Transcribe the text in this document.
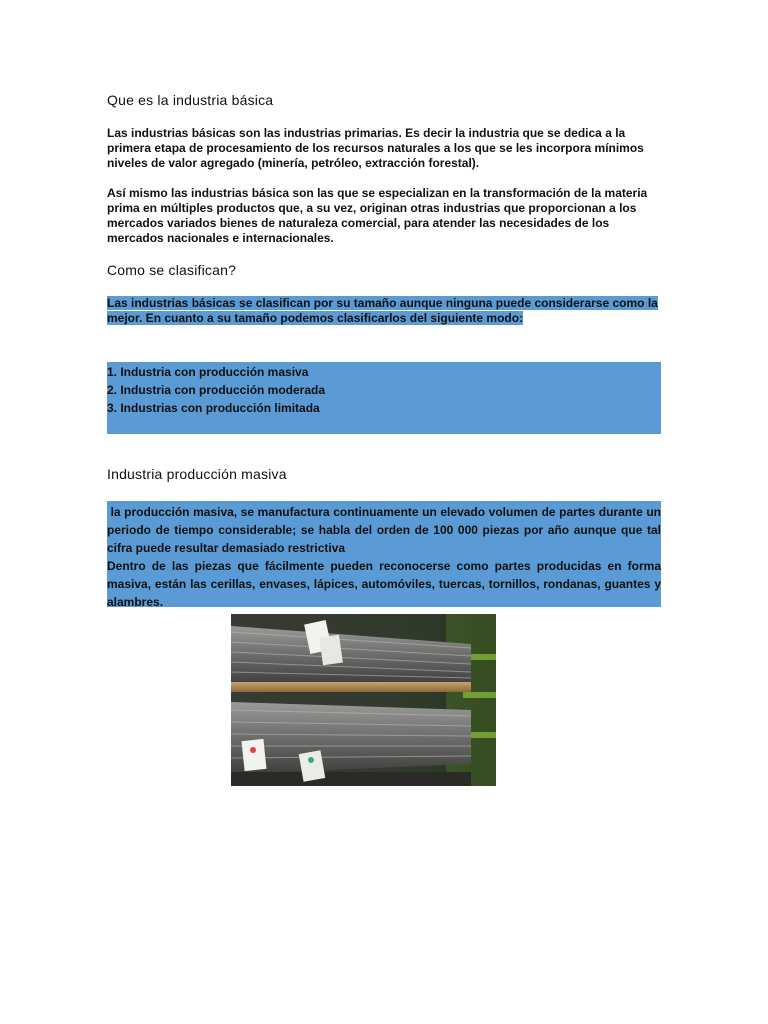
Que es la industria básica

Las industrias básicas son las industrias primarias. Es decir la industria que se dedica a la primera etapa de procesamiento de los recursos naturales a los que se les incorpora mínimos niveles de valor agregado (minería, petróleo, extracción forestal).

Así mismo las industrias básica son las que se especializan en la transformación de la materia prima en múltiples productos que, a su vez, originan otras industrias que proporcionan a los mercados variados bienes de naturaleza comercial, para atender las necesidades de los mercados nacionales e internacionales.

Como se clasifican?

Las industrias básicas se clasifican por su tamaño aunque ninguna puede considerarse como la mejor. En cuanto a su tamaño podemos clasificarlos del siguiente modo:

1. Industria con producción masiva
2. Industria con producción moderada
3. Industrias con producción limitada
Industria producción masiva

la producción masiva, se manufactura continuamente un elevado volumen de partes durante un periodo de tiempo considerable; se habla del orden de 100 000 piezas por año aunque que tal cifra puede resultar demasiado restrictiva

Dentro de las piezas que fácilmente pueden reconocerse como partes producidas en forma masiva, están las cerillas, envases, lápices, automóviles, tuercas, tornillos, rondanas, guantes y alambres.
